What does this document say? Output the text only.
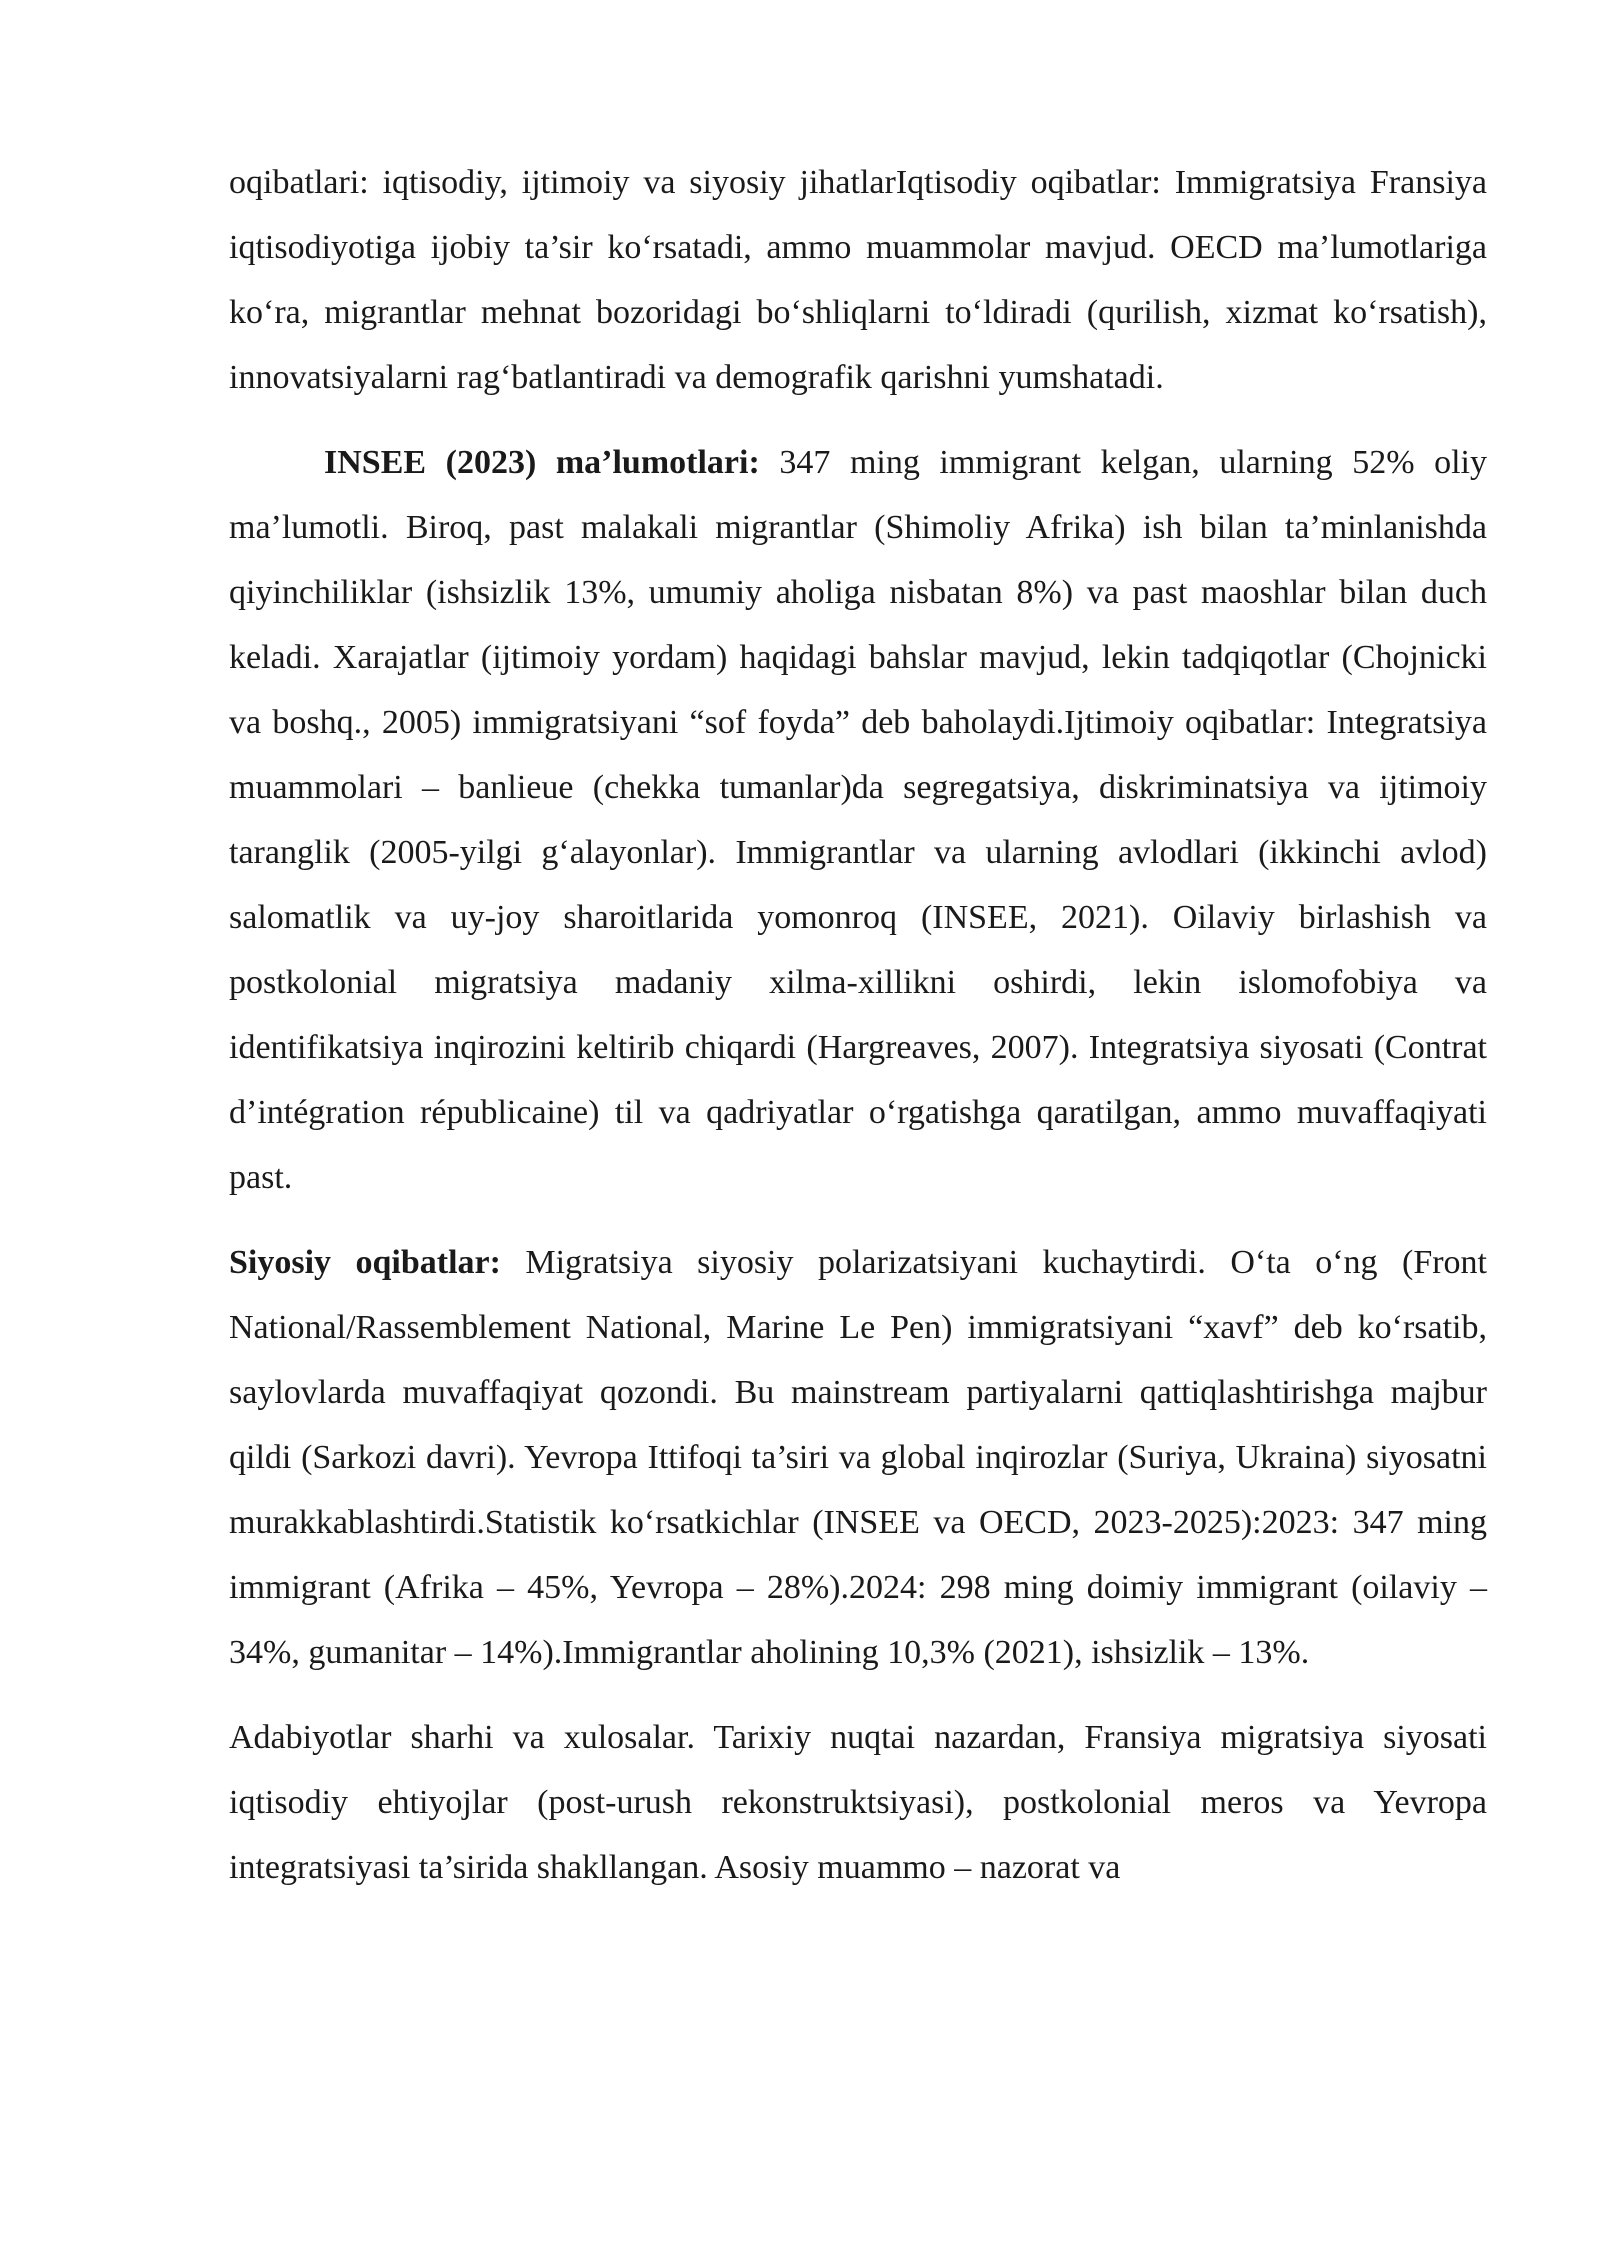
oqibatlari: iqtisodiy, ijtimoiy va siyosiy jihatlarIqtisodiy oqibatlar: Immigratsiya Fransiya iqtisodiyotiga ijobiy ta’sir ko‘rsatadi, ammo muammolar mavjud. OECD ma’lumotlariga ko‘ra, migrantlar mehnat bozoridagi bo‘shliqlarni to‘ldiradi (qurilish, xizmat ko‘rsatish), innovatsiyalarni rag‘batlantiradi va demografik qarishni yumshatadi.

INSEE (2023) ma’lumotlari: 347 ming immigrant kelgan, ularning 52% oliy ma’lumotli. Biroq, past malakali migrantlar (Shimoliy Afrika) ish bilan ta’minlanishda qiyinchiliklar (ishsizlik 13%, umumiy aholiga nisbatan 8%) va past maoshlar bilan duch keladi. Xarajatlar (ijtimoiy yordam) haqidagi bahslar mavjud, lekin tadqiqotlar (Chojnicki va boshq., 2005) immigratsiyani “sof foyda” deb baholaydi.Ijtimoiy oqibatlar: Integratsiya muammolari – banlieue (chekka tumanlar)da segregatsiya, diskriminatsiya va ijtimoiy taranglik (2005-yilgi g‘alayonlar). Immigrantlar va ularning avlodlari (ikkinchi avlod) salomatlik va uy-joy sharoitlarida yomonroq (INSEE, 2021). Oilaviy birlashish va postkolonial migratsiya madaniy xilma-xillikni oshirdi, lekin islomofobiya va identifikatsiya inqirozini keltirib chiqardi (Hargreaves, 2007). Integratsiya siyosati (Contrat d’intégration républicaine) til va qadriyatlar o‘rgatishga qaratilgan, ammo muvaffaqiyati past.

Siyosiy oqibatlar: Migratsiya siyosiy polarizatsiyani kuchaytirdi. O‘ta o‘ng (Front National/Rassemblement National, Marine Le Pen) immigratsiyani “xavf” deb ko‘rsatib, saylovlarda muvaffaqiyat qozondi. Bu mainstream partiyalarni qattiqlashtirishga majbur qildi (Sarkozi davri). Yevropa Ittifoqi ta’siri va global inqirozlar (Suriya, Ukraina) siyosatni murakkablashtirdi.Statistik ko‘rsatkichlar (INSEE va OECD, 2023-2025):2023: 347 ming immigrant (Afrika – 45%, Yevropa – 28%).2024: 298 ming doimiy immigrant (oilaviy – 34%, gumanitar – 14%).Immigrantlar aholining 10,3% (2021), ishsizlik – 13%.

Adabiyotlar sharhi va xulosalar. Tarixiy nuqtai nazardan, Fransiya migratsiya siyosati iqtisodiy ehtiyojlar (post-urush rekonstruktsiyasi), postkolonial meros va Yevropa integratsiyasi ta’sirida shakllangan. Asosiy muammo – nazorat va
